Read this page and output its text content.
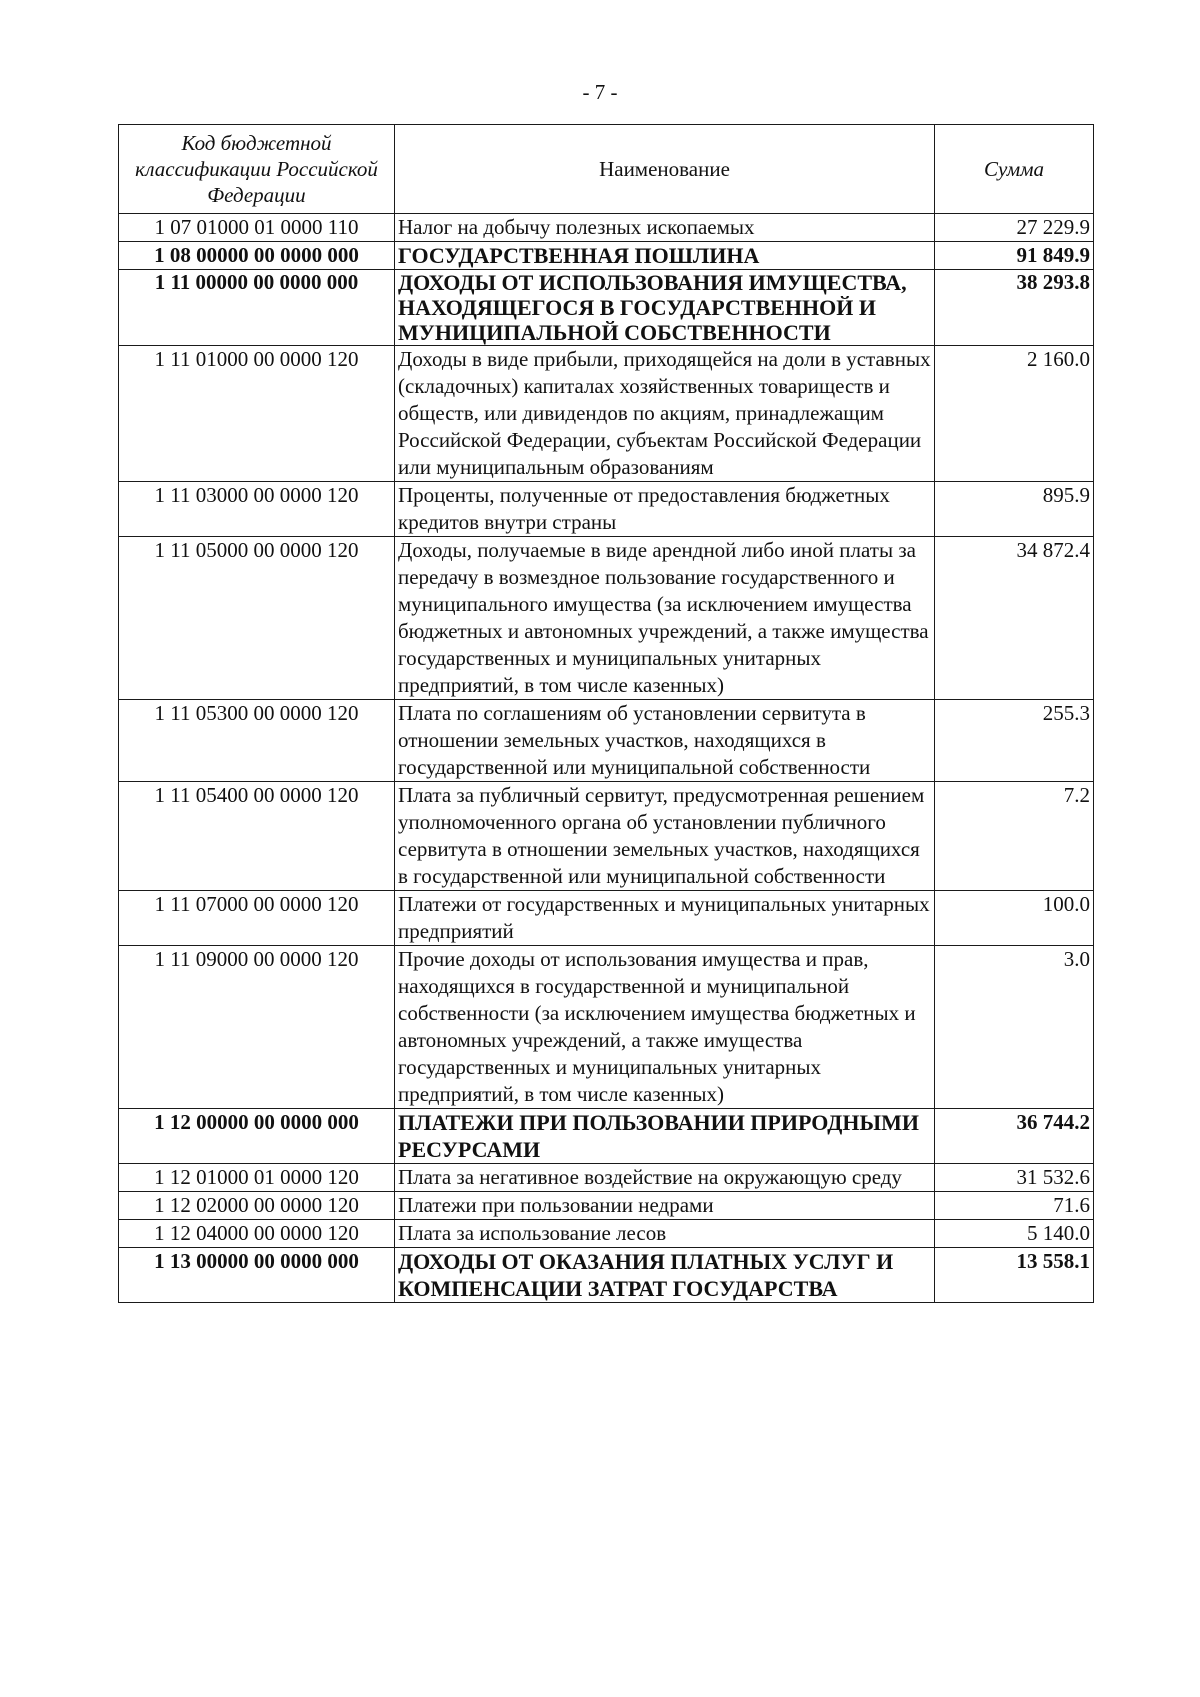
- 7 -
Код бюджетной классификации Российской Федерации	Наименование	Сумма
1 07 01000 01 0000 110	Налог на добычу полезных ископаемых	27 229.9
1 08 00000 00 0000 000	ГОСУДАРСТВЕННАЯ ПОШЛИНА	91 849.9
1 11 00000 00 0000 000	ДОХОДЫ ОТ ИСПОЛЬЗОВАНИЯ ИМУЩЕСТВА, НАХОДЯЩЕГОСЯ В ГОСУДАРСТВЕННОЙ И МУНИЦИПАЛЬНОЙ СОБСТВЕННОСТИ	38 293.8
1 11 01000 00 0000 120	Доходы в виде прибыли, приходящейся на доли в уставных (складочных) капиталах хозяйственных товариществ и обществ, или дивидендов по акциям, принадлежащим Российской Федерации, субъектам Российской Федерации или муниципальным образованиям	2 160.0
1 11 03000 00 0000 120	Проценты, полученные от предоставления бюджетных кредитов внутри страны	895.9
1 11 05000 00 0000 120	Доходы, получаемые в виде арендной либо иной платы за передачу в возмездное пользование государственного и муниципального имущества (за исключением имущества бюджетных и автономных учреждений, а также имущества государственных и муниципальных унитарных предприятий, в том числе казенных)	34 872.4
1 11 05300 00 0000 120	Плата по соглашениям об установлении сервитута в отношении земельных участков, находящихся в государственной или муниципальной собственности	255.3
1 11 05400 00 0000 120	Плата за публичный сервитут, предусмотренная решением уполномоченного органа об установлении публичного сервитута в отношении земельных участков, находящихся в государственной или муниципальной собственности	7.2
1 11 07000 00 0000 120	Платежи от государственных и муниципальных унитарных предприятий	100.0
1 11 09000 00 0000 120	Прочие доходы от использования имущества и прав, находящихся в государственной и муниципальной собственности (за исключением имущества бюджетных и автономных учреждений, а также имущества государственных и муниципальных унитарных предприятий, в том числе казенных)	3.0
1 12 00000 00 0000 000	ПЛАТЕЖИ ПРИ ПОЛЬЗОВАНИИ ПРИРОДНЫМИ РЕСУРСАМИ	36 744.2
1 12 01000 01 0000 120	Плата за негативное воздействие на окружающую среду	31 532.6
1 12 02000 00 0000 120	Платежи при пользовании недрами	71.6
1 12 04000 00 0000 120	Плата за использование лесов	5 140.0
1 13 00000 00 0000 000	ДОХОДЫ ОТ ОКАЗАНИЯ ПЛАТНЫХ УСЛУГ И КОМПЕНСАЦИИ ЗАТРАТ ГОСУДАРСТВА	13 558.1
